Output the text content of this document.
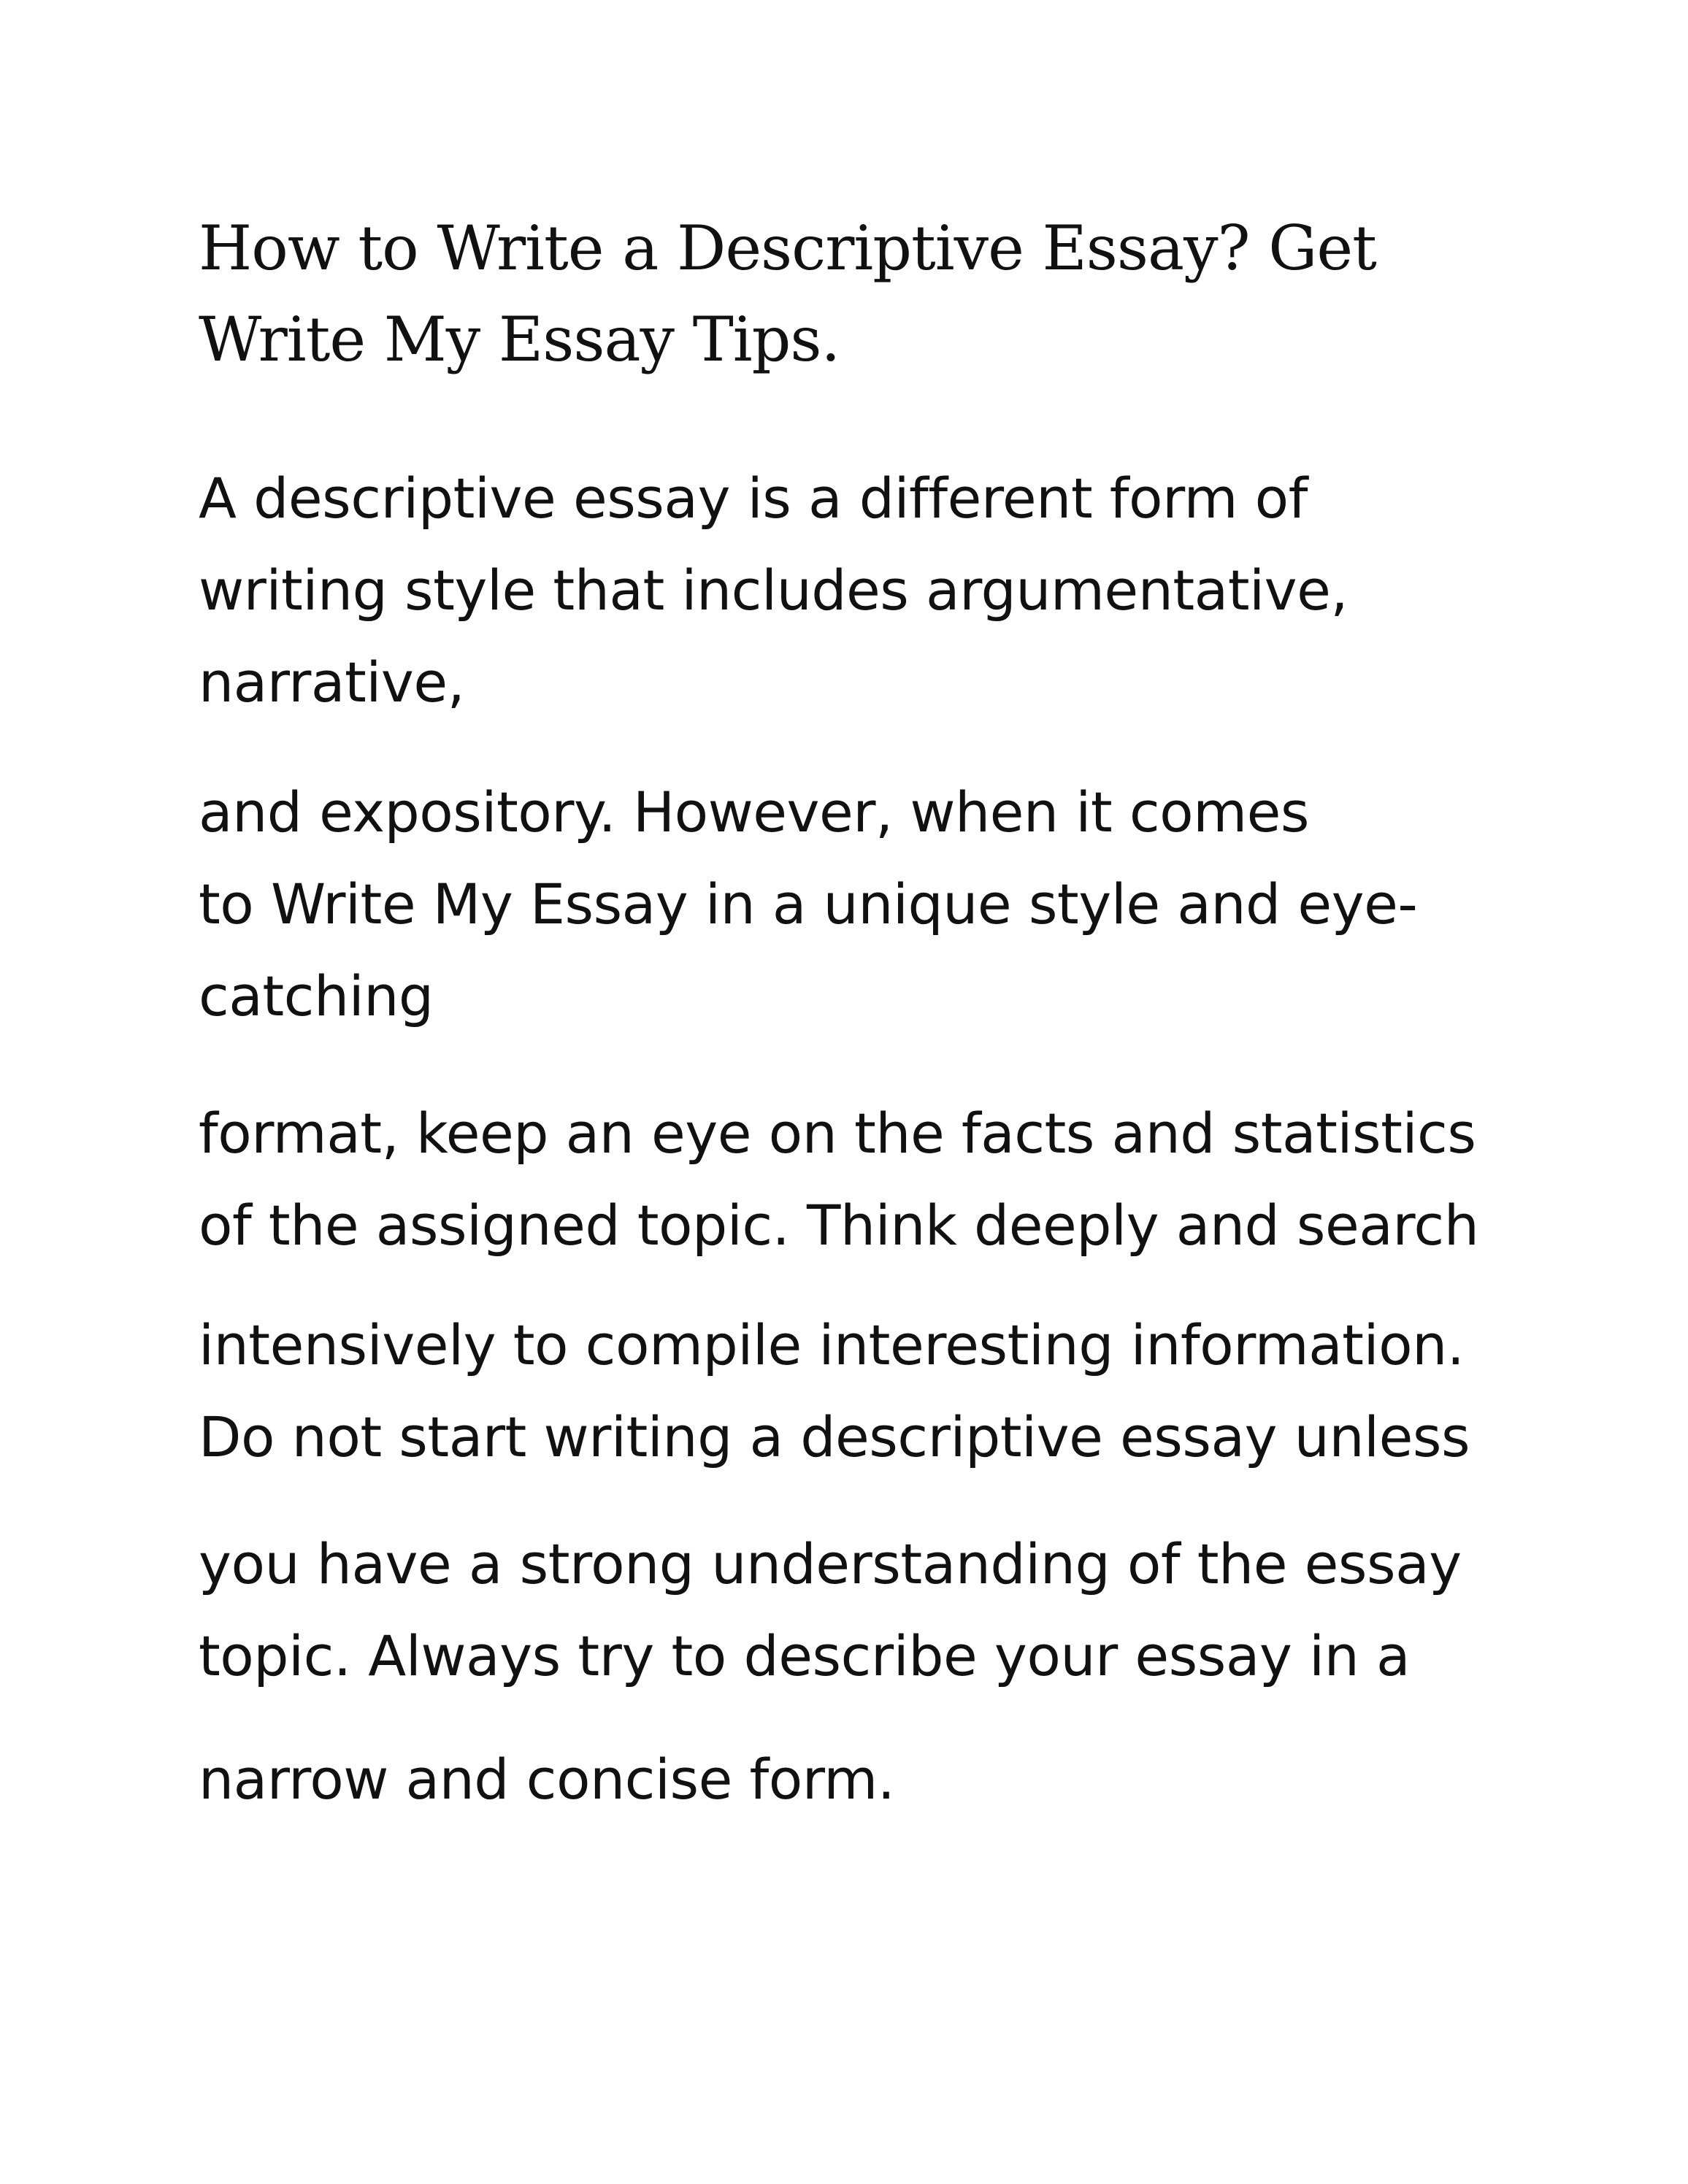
How to Write a Descriptive Essay? Get
Write My Essay Tips.

A descriptive essay is a different form of
writing style that includes argumentative,
narrative,

and expository. However, when it comes
to Write My Essay in a unique style and eye-
catching

format, keep an eye on the facts and statistics
of the assigned topic. Think deeply and search

intensively to compile interesting information.
Do not start writing a descriptive essay unless

you have a strong understanding of the essay
topic. Always try to describe your essay in a

narrow and concise form.
